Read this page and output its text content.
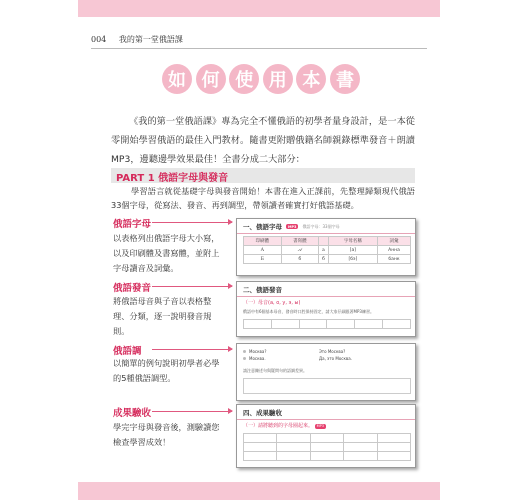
004 我的第一堂俄語課
如 何 使 用 本 書

《我的第一堂俄語課》專為完全不懂俄語的初學者量身設計，是一本從零開始學習俄語的最佳入門教材。隨書更附贈俄籍名師親錄標準發音＋朗讀MP3，邊聽邊學效果最佳！全書分成二大部分：

PART 1 俄語字母與發音
學習語言就從基礎字母與發音開始！本書在進入正課前，先整理歸類現代俄語33個字母，從寫法、發音、再到調型，帶領讀者確實打好俄語基礎。
俄語字母
以表格列出俄語字母大小寫，以及印刷體及書寫體，並附上字母讀音及詞彙。
俄語發音
將俄語母音與子音以表格整理、分類，逐一說明發音規則。
俄語調
以簡單的例句說明初學者必學的5種俄語調型。
成果驗收
學完字母與發音後，測驗讀您檢查學習成效！
一、俄語字母	MP3	俄語字母：33個字母
印刷體	書寫體		字母名稱	詞彙
А	𝒜	а	[a]	Анна
Б	б	б	[бэ]	банк
二、俄語發音
（一）母音(а, о, у, э, ы)
俄語中有6個基本母音，發音時口腔保持固定，請大家仔細跟著MP3練習。

Москва?	Это Москва?
Москва.	Да, это Москва.
請注意陳述句與疑問句的語調差異。
四、成果驗收
（一）請將聽到的字母圈起來。 MP3
